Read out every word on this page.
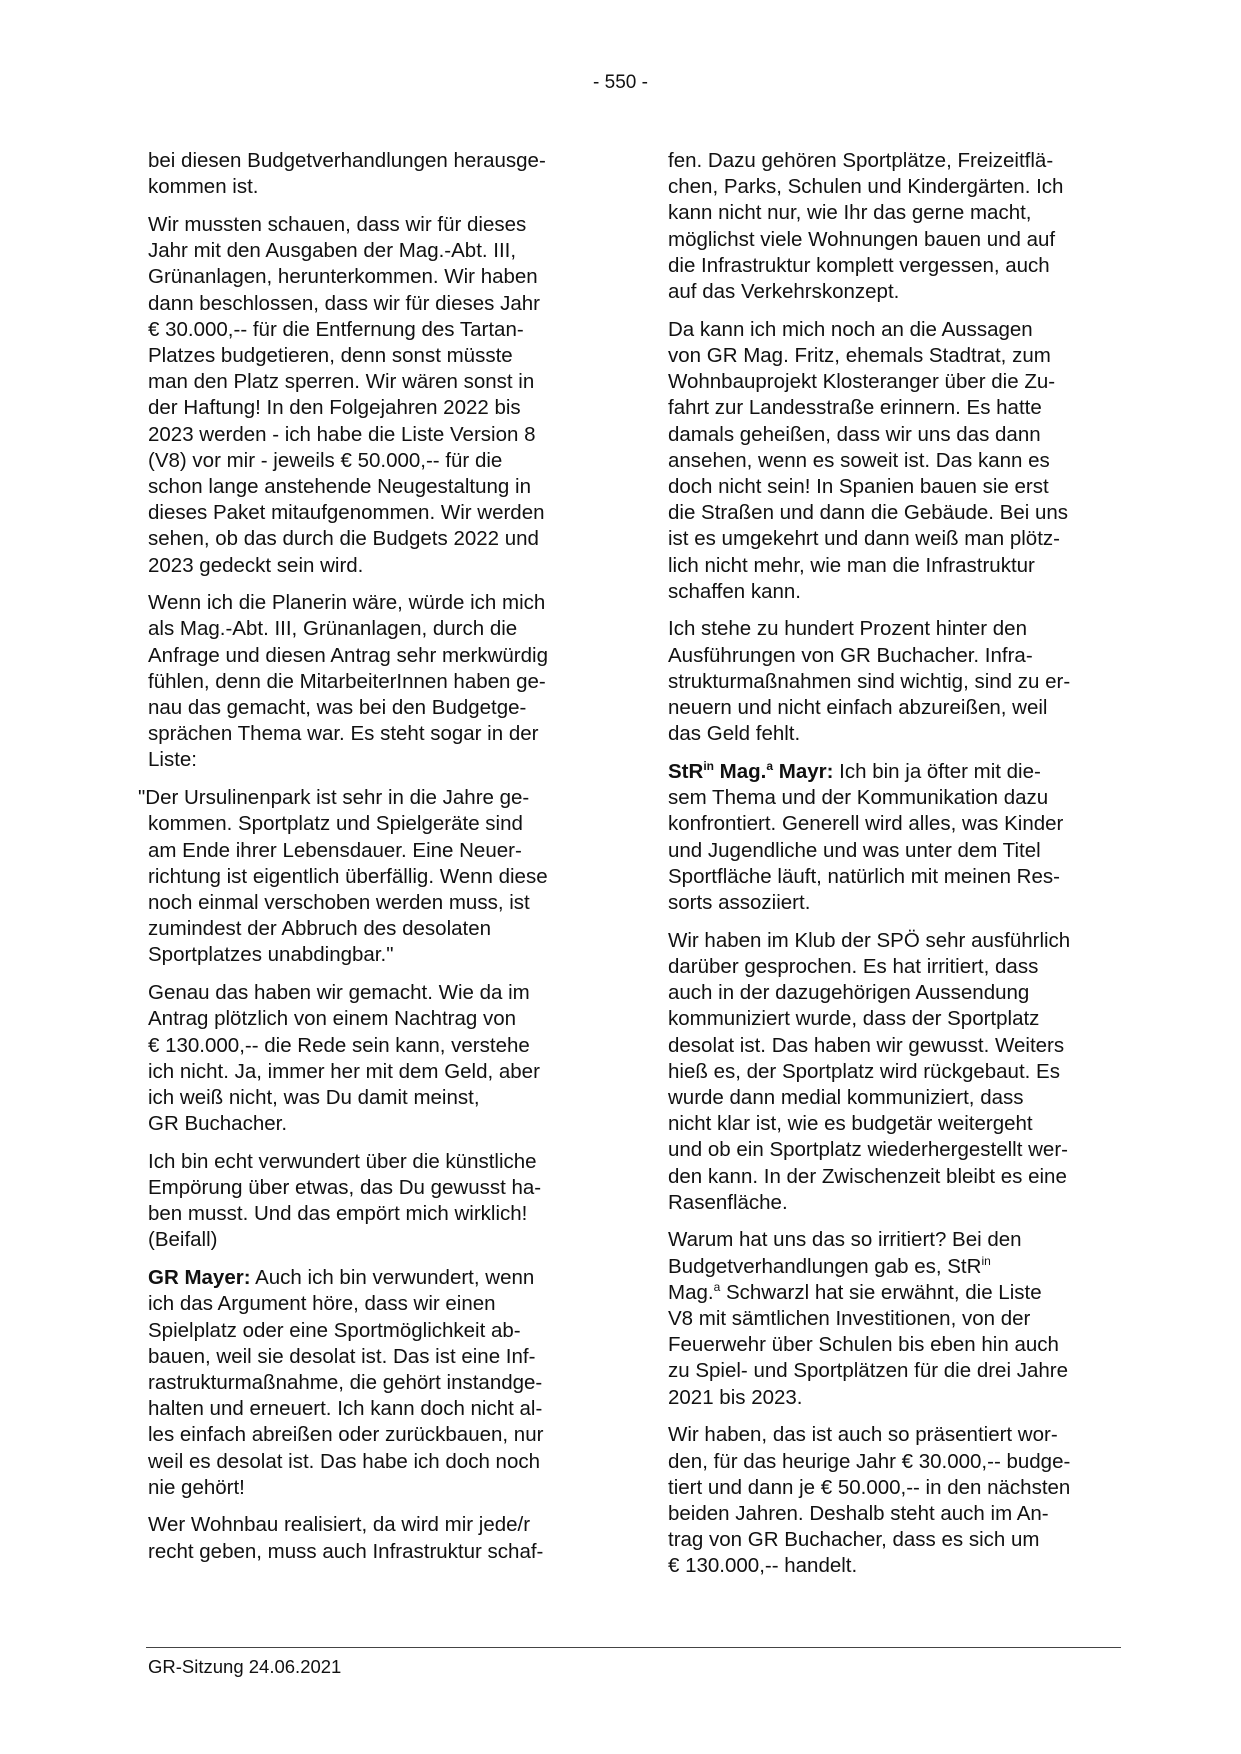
- 550 -

bei diesen Budgetverhandlungen herausge-
kommen ist.

Wir mussten schauen, dass wir für dieses
Jahr mit den Ausgaben der Mag.-Abt. III,
Grünanlagen, herunterkommen. Wir haben
dann beschlossen, dass wir für dieses Jahr
€ 30.000,-- für die Entfernung des Tartan-
Platzes budgetieren, denn sonst müsste
man den Platz sperren. Wir wären sonst in
der Haftung! In den Folgejahren 2022 bis
2023 werden - ich habe die Liste Version 8
(V8) vor mir - jeweils € 50.000,-- für die
schon lange anstehende Neugestaltung in
dieses Paket mitaufgenommen. Wir werden
sehen, ob das durch die Budgets 2022 und
2023 gedeckt sein wird.

Wenn ich die Planerin wäre, würde ich mich
als Mag.-Abt. III, Grünanlagen, durch die
Anfrage und diesen Antrag sehr merkwürdig
fühlen, denn die MitarbeiterInnen haben ge-
nau das gemacht, was bei den Budgetge-
sprächen Thema war. Es steht sogar in der
Liste:

"Der Ursulinenpark ist sehr in die Jahre ge-
kommen. Sportplatz und Spielgeräte sind
am Ende ihrer Lebensdauer. Eine Neuer-
richtung ist eigentlich überfällig. Wenn diese
noch einmal verschoben werden muss, ist
zumindest der Abbruch des desolaten
Sportplatzes unabdingbar."

Genau das haben wir gemacht. Wie da im
Antrag plötzlich von einem Nachtrag von
€ 130.000,-- die Rede sein kann, verstehe
ich nicht. Ja, immer her mit dem Geld, aber
ich weiß nicht, was Du damit meinst,
GR Buchacher.

Ich bin echt verwundert über die künstliche
Empörung über etwas, das Du gewusst ha-
ben musst. Und das empört mich wirklich!
(Beifall)

GR Mayer: Auch ich bin verwundert, wenn
ich das Argument höre, dass wir einen
Spielplatz oder eine Sportmöglichkeit ab-
bauen, weil sie desolat ist. Das ist eine Inf-
rastrukturmaßnahme, die gehört instandge-
halten und erneuert. Ich kann doch nicht al-
les einfach abreißen oder zurückbauen, nur
weil es desolat ist. Das habe ich doch noch
nie gehört!

Wer Wohnbau realisiert, da wird mir jede/r
recht geben, muss auch Infrastruktur schaf-

fen. Dazu gehören Sportplätze, Freizeitflä-
chen, Parks, Schulen und Kindergärten. Ich
kann nicht nur, wie Ihr das gerne macht,
möglichst viele Wohnungen bauen und auf
die Infrastruktur komplett vergessen, auch
auf das Verkehrskonzept.

Da kann ich mich noch an die Aussagen
von GR Mag. Fritz, ehemals Stadtrat, zum
Wohnbauprojekt Klosteranger über die Zu-
fahrt zur Landesstraße erinnern. Es hatte
damals geheißen, dass wir uns das dann
ansehen, wenn es soweit ist. Das kann es
doch nicht sein! In Spanien bauen sie erst
die Straßen und dann die Gebäude. Bei uns
ist es umgekehrt und dann weiß man plötz-
lich nicht mehr, wie man die Infrastruktur
schaffen kann.

Ich stehe zu hundert Prozent hinter den
Ausführungen von GR Buchacher. Infra-
strukturmaßnahmen sind wichtig, sind zu er-
neuern und nicht einfach abzureißen, weil
das Geld fehlt.

StR$^{in}$ Mag.$^a$ Mayr: Ich bin ja öfter mit die-
sem Thema und der Kommunikation dazu
konfrontiert. Generell wird alles, was Kinder
und Jugendliche und was unter dem Titel
Sportfläche läuft, natürlich mit meinen Res-
sorts assoziiert.

Wir haben im Klub der SPÖ sehr ausführlich
darüber gesprochen. Es hat irritiert, dass
auch in der dazugehörigen Aussendung
kommuniziert wurde, dass der Sportplatz
desolat ist. Das haben wir gewusst. Weiters
hieß es, der Sportplatz wird rückgebaut. Es
wurde dann medial kommuniziert, dass
nicht klar ist, wie es budgetär weitergeht
und ob ein Sportplatz wiederhergestellt wer-
den kann. In der Zwischenzeit bleibt es eine
Rasenfläche.

Warum hat uns das so irritiert? Bei den
Budgetverhandlungen gab es, StR$^{in}$
Mag.$^a$ Schwarzl hat sie erwähnt, die Liste
V8 mit sämtlichen Investitionen, von der
Feuerwehr über Schulen bis eben hin auch
zu Spiel- und Sportplätzen für die drei Jahre
2021 bis 2023.

Wir haben, das ist auch so präsentiert wor-
den, für das heurige Jahr € 30.000,-- budge-
tiert und dann je € 50.000,-- in den nächsten
beiden Jahren. Deshalb steht auch im An-
trag von GR Buchacher, dass es sich um
€ 130.000,-- handelt.

GR-Sitzung 24.06.2021
